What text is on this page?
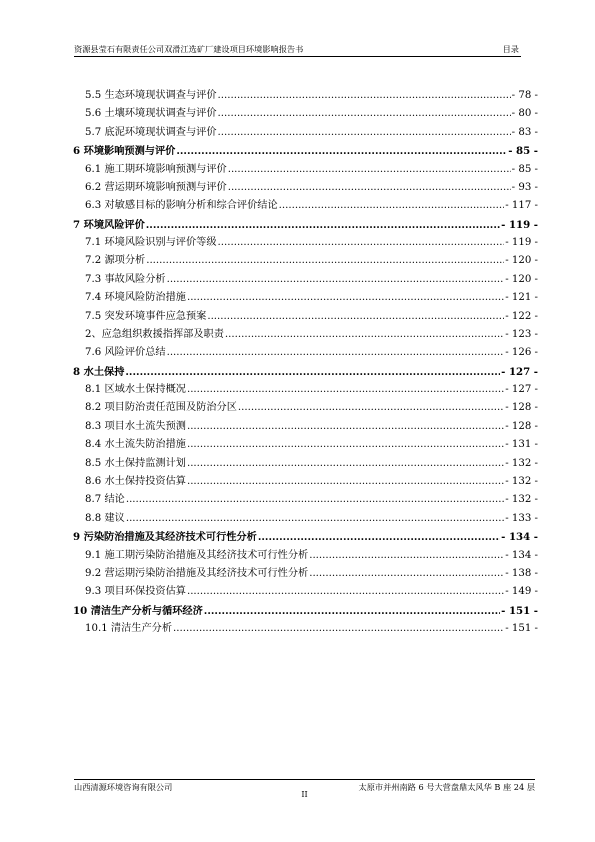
资源县莹石有限责任公司双滑江选矿厂建设项目环境影响报告书	目录
5.5 生态环境现状调查与评价 .....	- 78 -
5.6 土壤环境现状调查与评价 .....	- 80 -
5.7 底泥环境现状调查与评价 .....	- 83 -
6 环境影响预测与评价 .....	- 85 -
6.1 施工期环境影响预测与评价 .....	- 85 -
6.2 营运期环境影响预测与评价 .....	- 93 -
6.3 对敏感目标的影响分析和综合评价结论 .....	- 117 -
7 环境风险评价 .....	- 119 -
7.1 环境风险识别与评价等级 .....	- 119 -
7.2 源项分析 .....	- 120 -
7.3 事故风险分析 .....	- 120 -
7.4 环境风险防治措施 .....	- 121 -
7.5 突发环境事件应急预案 .....	- 122 -
2、应急组织救援指挥部及职责 .....	- 123 -
7.6 风险评价总结 .....	- 126 -
8 水土保持 .....	- 127 -
8.1 区域水土保持概况 .....	- 127 -
8.2 项目防治责任范围及防治分区 .....	- 128 -
8.3 项目水土流失预测 .....	- 128 -
8.4 水土流失防治措施 .....	- 131 -
8.5 水土保持监测计划 .....	- 132 -
8.6 水土保持投资估算 .....	- 132 -
8.7 结论 .....	- 132 -
8.8 建议 .....	- 133 -
9 污染防治措施及其经济技术可行性分析 .....	- 134 -
9.1 施工期污染防治措施及其经济技术可行性分析 .....	- 134 -
9.2 营运期污染防治措施及其经济技术可行性分析 .....	- 138 -
9.3 项目环保投资估算 .....	- 149 -
10 清洁生产分析与循环经济 .....	- 151 -
10.1 清洁生产分析 .....	- 151 -
山西清源环境咨询有限公司	太原市并州南路 6 号大营盘鼎太风华 B 座 24 层
II
